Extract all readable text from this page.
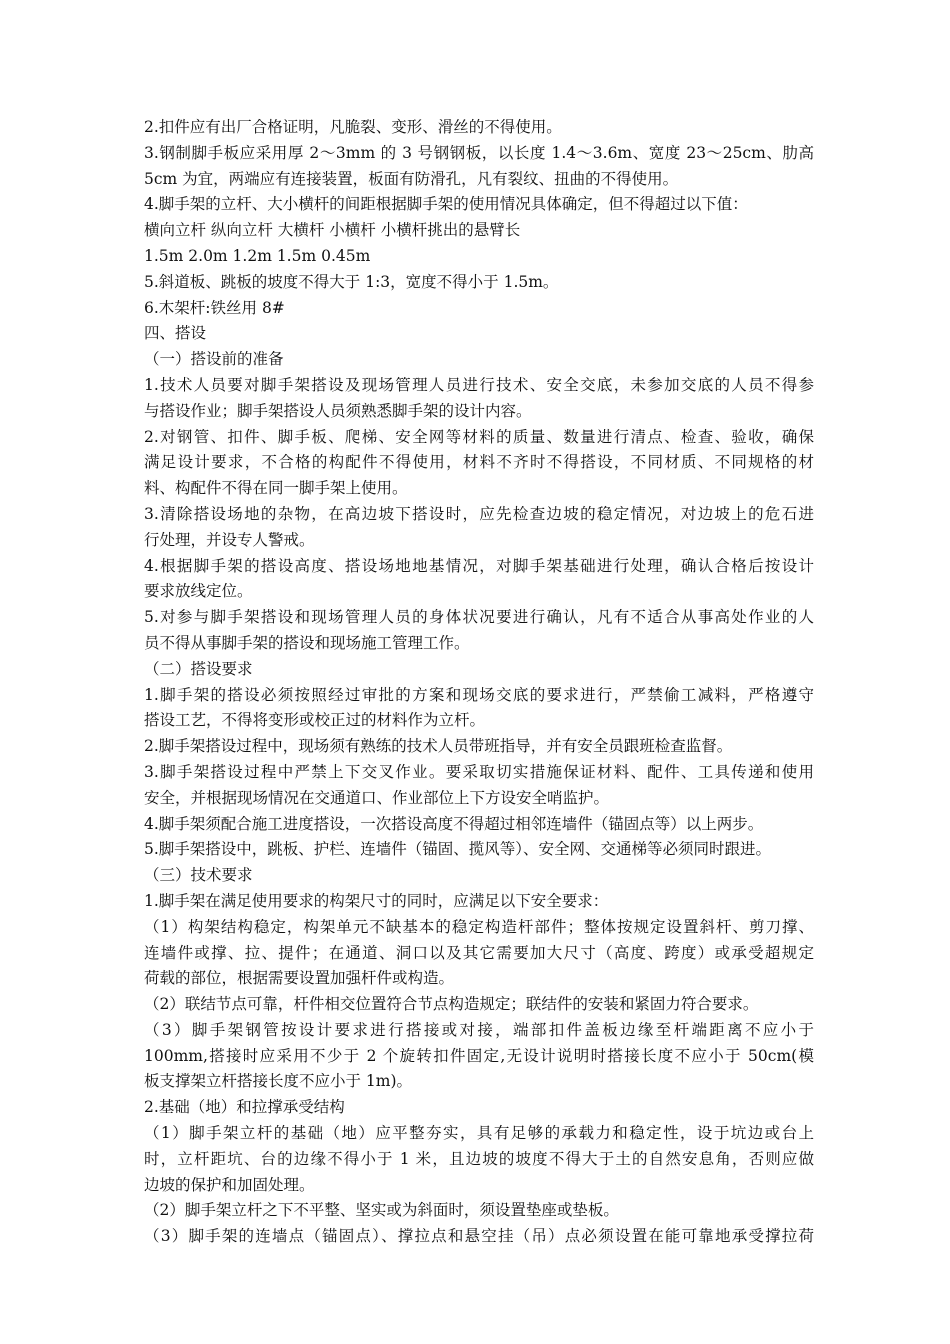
2.扣件应有出厂合格证明，凡脆裂、变形、滑丝的不得使用。
3.钢制脚手板应采用厚 2～3mm 的 3 号钢钢板，以长度 1.4～3.6m、宽度 23～25cm、肋高
5cm 为宜，两端应有连接装置，板面有防滑孔，凡有裂纹、扭曲的不得使用。
4.脚手架的立杆、大小横杆的间距根据脚手架的使用情况具体确定，但不得超过以下值：
横向立杆 纵向立杆 大横杆 小横杆 小横杆挑出的悬臂长
1.5m 2.0m 1.2m 1.5m 0.45m
5.斜道板、跳板的坡度不得大于 1:3，宽度不得小于 1.5m。
6.木架杆:铁丝用 8#
四、搭设
（一）搭设前的准备
1.技术人员要对脚手架搭设及现场管理人员进行技术、安全交底，未参加交底的人员不得参
与搭设作业；脚手架搭设人员须熟悉脚手架的设计内容。
2.对钢管、扣件、脚手板、爬梯、安全网等材料的质量、数量进行清点、检查、验收，确保
满足设计要求，不合格的构配件不得使用，材料不齐时不得搭设，不同材质、不同规格的材
料、构配件不得在同一脚手架上使用。
3.清除搭设场地的杂物，在高边坡下搭设时，应先检查边坡的稳定情况，对边坡上的危石进
行处理，并设专人警戒。
4.根据脚手架的搭设高度、搭设场地地基情况，对脚手架基础进行处理，确认合格后按设计
要求放线定位。
5.对参与脚手架搭设和现场管理人员的身体状况要进行确认，凡有不适合从事高处作业的人
员不得从事脚手架的搭设和现场施工管理工作。
（二）搭设要求
1.脚手架的搭设必须按照经过审批的方案和现场交底的要求进行，严禁偷工减料，严格遵守
搭设工艺，不得将变形或校正过的材料作为立杆。
2.脚手架搭设过程中，现场须有熟练的技术人员带班指导，并有安全员跟班检查监督。
3.脚手架搭设过程中严禁上下交叉作业。要采取切实措施保证材料、配件、工具传递和使用
安全，并根据现场情况在交通道口、作业部位上下方设安全哨监护。
4.脚手架须配合施工进度搭设，一次搭设高度不得超过相邻连墙件（锚固点等）以上两步。
5.脚手架搭设中，跳板、护栏、连墙件（锚固、揽风等）、安全网、交通梯等必须同时跟进。
（三）技术要求
1.脚手架在满足使用要求的构架尺寸的同时，应满足以下安全要求：
（1）构架结构稳定，构架单元不缺基本的稳定构造杆部件；整体按规定设置斜杆、剪刀撑、
连墙件或撑、拉、提件；在通道、洞口以及其它需要加大尺寸（高度、跨度）或承受超规定
荷载的部位，根据需要设置加强杆件或构造。
（2）联结节点可靠，杆件相交位置符合节点构造规定；联结件的安装和紧固力符合要求。
（3）脚手架钢管按设计要求进行搭接或对接，端部扣件盖板边缘至杆端距离不应小于
100mm,搭接时应采用不少于 2 个旋转扣件固定,无设计说明时搭接长度不应小于 50cm(模
板支撑架立杆搭接长度不应小于 1m)。
2.基础（地）和拉撑承受结构
（1）脚手架立杆的基础（地）应平整夯实，具有足够的承载力和稳定性，设于坑边或台上
时，立杆距坑、台的边缘不得小于 1 米，且边坡的坡度不得大于土的自然安息角，否则应做
边坡的保护和加固处理。
（2）脚手架立杆之下不平整、坚实或为斜面时，须设置垫座或垫板。
（3）脚手架的连墙点（锚固点）、撑拉点和悬空挂（吊）点必须设置在能可靠地承受撑拉荷
